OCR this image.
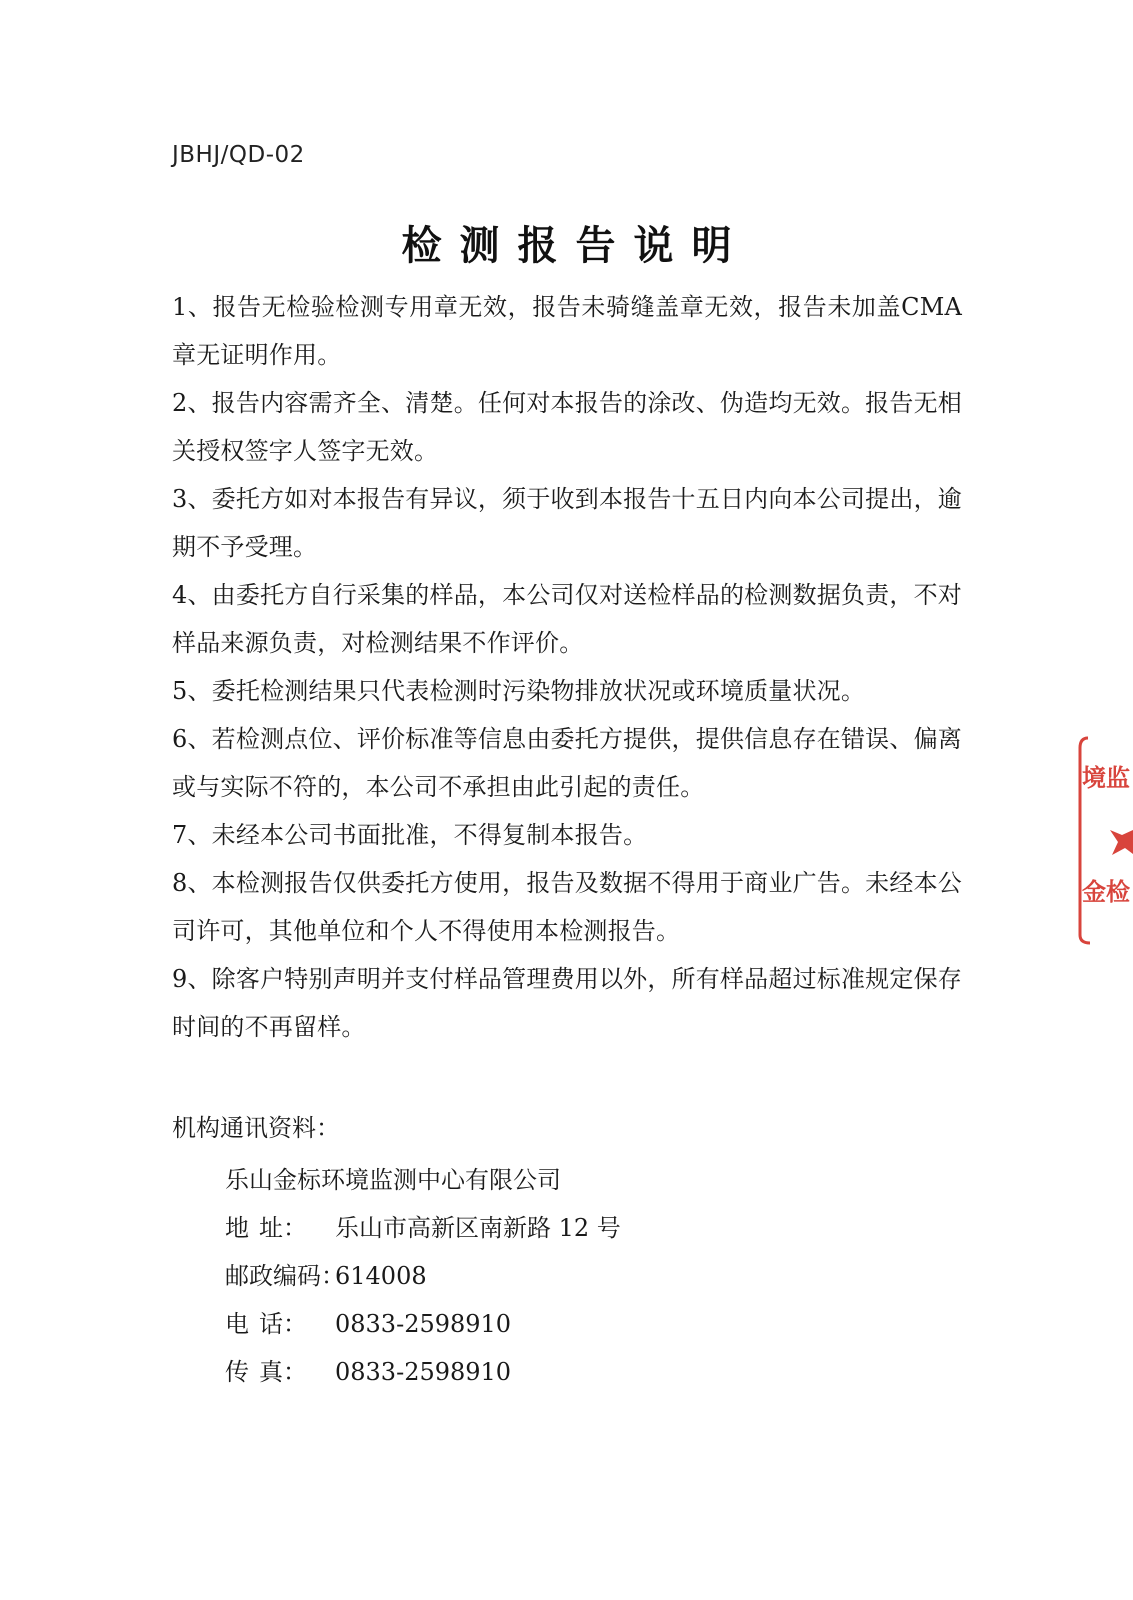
JBHJ/QD-02
检测报告说明
1、报告无检验检测专用章无效，报告未骑缝盖章无效，报告未加盖CMA 章无证明作用。
2、报告内容需齐全、清楚。任何对本报告的涂改、伪造均无效。报告无相关授权签字人签字无效。
3、委托方如对本报告有异议，须于收到本报告十五日内向本公司提出，逾期不予受理。
4、由委托方自行采集的样品，本公司仅对送检样品的检测数据负责，不对样品来源负责，对检测结果不作评价。
5、委托检测结果只代表检测时污染物排放状况或环境质量状况。
6、若检测点位、评价标准等信息由委托方提供，提供信息存在错误、偏离或与实际不符的，本公司不承担由此引起的责任。
7、未经本公司书面批准，不得复制本报告。
8、本检测报告仅供委托方使用，报告及数据不得用于商业广告。未经本公司许可，其他单位和个人不得使用本检测报告。
9、除客户特别声明并支付样品管理费用以外，所有样品超过标准规定保存时间的不再留样。
机构通讯资料：
乐山金标环境监测中心有限公司
地 址： 乐山市高新区南新路 12 号
邮政编码：614008
电 话： 0833-2598910
传 真： 0833-2598910
境监
金检
